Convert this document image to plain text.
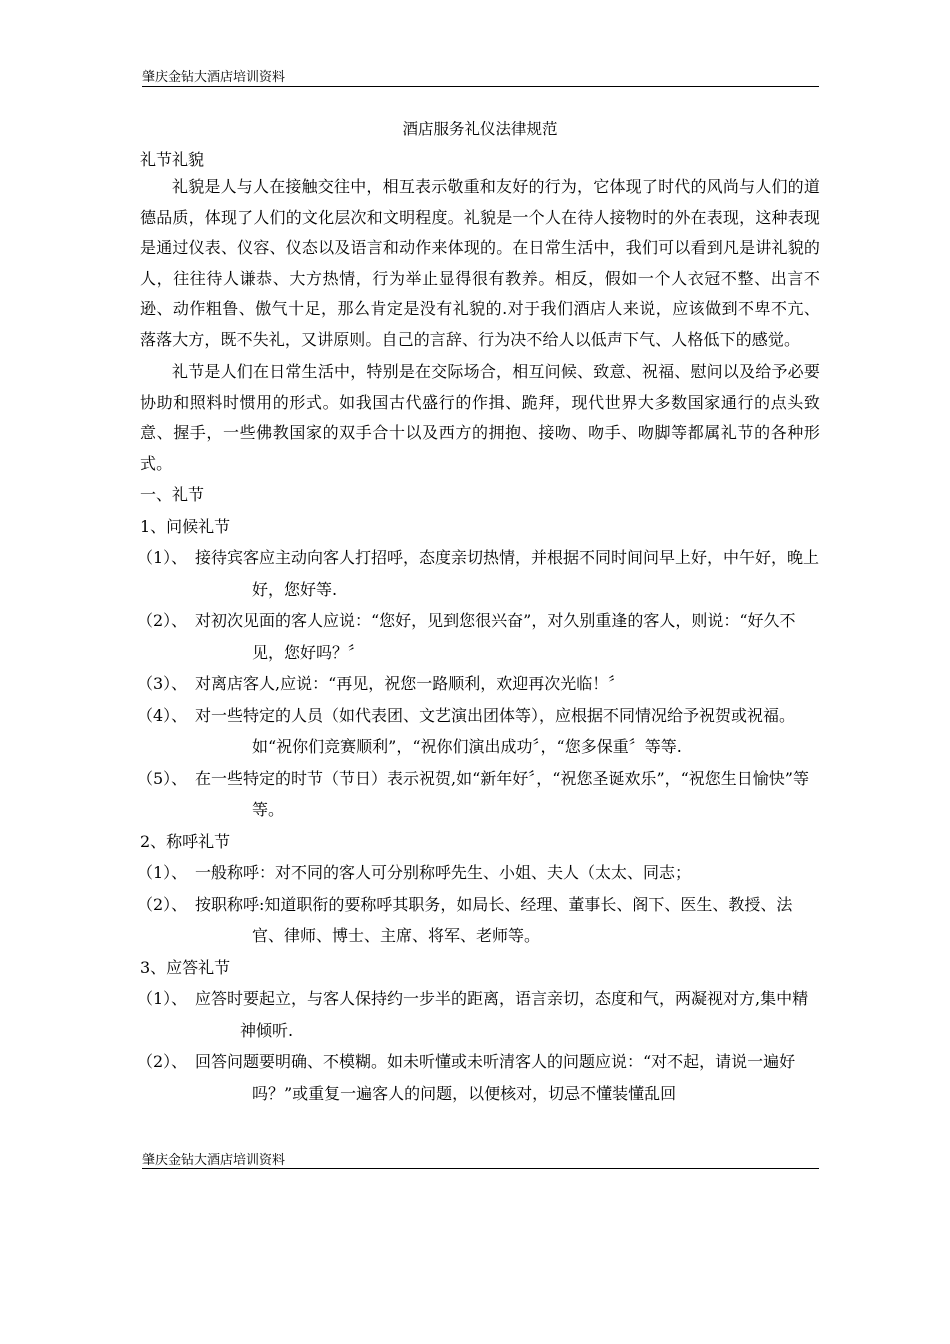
肇庆金钻大酒店培训资料
酒店服务礼仪法律规范
礼节礼貌

礼貌是人与人在接触交往中，相互表示敬重和友好的行为，它体现了时代的风尚与人们的道德品质，体现了人们的文化层次和文明程度。礼貌是一个人在待人接物时的外在表现，这种表现是通过仪表、仪容、仪态以及语言和动作来体现的。在日常生活中，我们可以看到凡是讲礼貌的人，往往待人谦恭、大方热情，行为举止显得很有教养。相反，假如一个人衣冠不整、出言不逊、动作粗鲁、傲气十足，那么肯定是没有礼貌的.对于我们酒店人来说，应该做到不卑不亢、落落大方，既不失礼，又讲原则。自己的言辞、行为决不给人以低声下气、人格低下的感觉。

礼节是人们在日常生活中，特别是在交际场合，相互问候、致意、祝福、慰问以及给予必要协助和照料时惯用的形式。如我国古代盛行的作揖、跪拜，现代世界大多数国家通行的点头致意、握手，一些佛教国家的双手合十以及西方的拥抱、接吻、吻手、吻脚等都属礼节的各种形式。

一、礼节
1、问候礼节
（1）、 接待宾客应主动向客人打招呼，态度亲切热情，并根据不同时间问早上好，中午好，晚上好，您好等.
（2）、 对初次见面的客人应说：“您好，见到您很兴奋”，对久别重逢的客人，则说：“好久不见，您好吗？〞
（3）、 对离店客人,应说：“再见，祝您一路顺利，欢迎再次光临！〞
（4）、 对一些特定的人员（如代表团、文艺演出团体等），应根据不同情况给予祝贺或祝福。如“祝你们竞赛顺利”，“祝你们演出成功〞，“您多保重〞等等.
（5）、 在一些特定的时节（节日）表示祝贺,如“新年好〞，“祝您圣诞欢乐”，“祝您生日愉快”等等。
2、称呼礼节
（1）、 一般称呼：对不同的客人可分别称呼先生、小姐、夫人（太太、同志；
（2）、 按职称呼:知道职衔的要称呼其职务，如局长、经理、董事长、阁下、医生、教授、法官、律师、博士、主席、将军、老师等。
3、应答礼节
（1）、 应答时要起立，与客人保持约一步半的距离，语言亲切，态度和气，两凝视对方,集中精神倾听.
（2）、 回答问题要明确、不模糊。如未听懂或未听清客人的问题应说：“对不起，请说一遍好吗？”或重复一遍客人的问题，以便核对，切忌不懂装懂乱回
肇庆金钻大酒店培训资料
